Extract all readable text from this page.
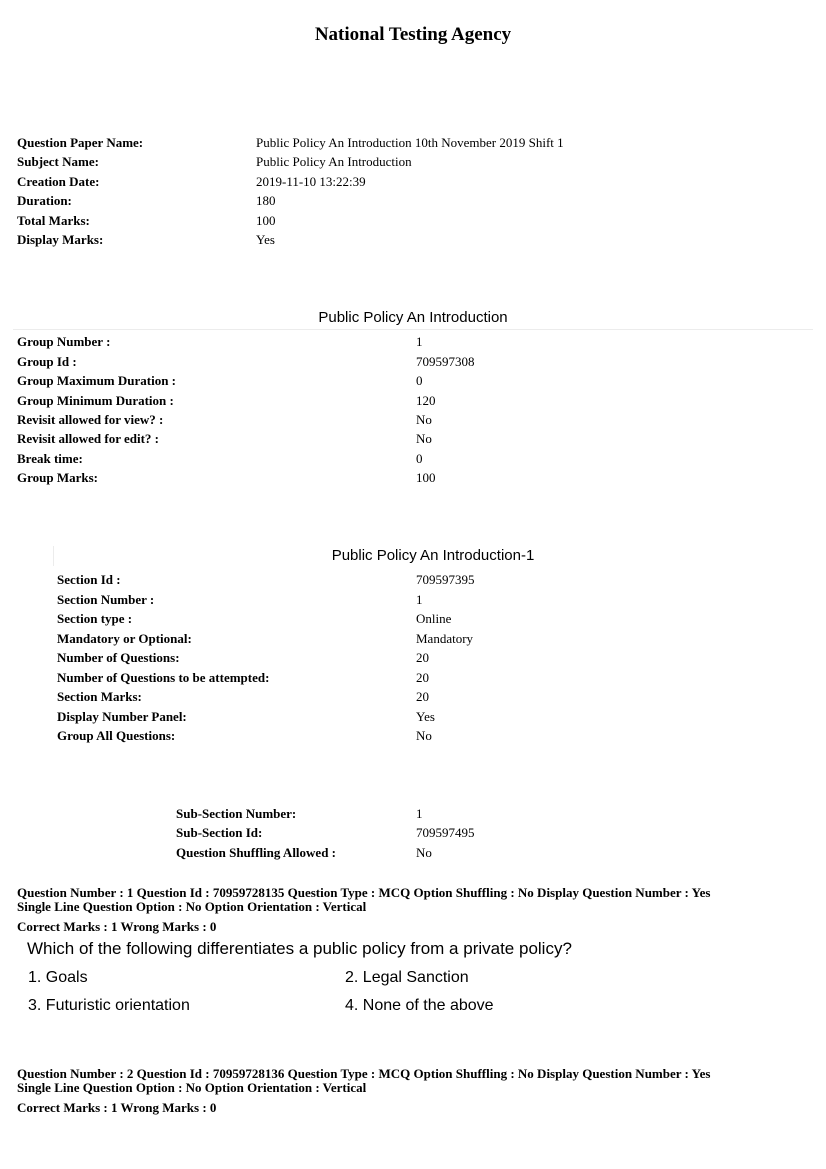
National Testing Agency
Question Paper Name:	Public Policy An Introduction 10th November 2019 Shift 1
Subject Name:	Public Policy An Introduction
Creation Date:	2019-11-10 13:22:39
Duration:	180
Total Marks:	100
Display Marks:	Yes
Public Policy An Introduction
Group Number :	1
Group Id :	709597308
Group Maximum Duration :	0
Group Minimum Duration :	120
Revisit allowed for view? :	No
Revisit allowed for edit? :	No
Break time:	0
Group Marks:	100
Public Policy An Introduction-1
Section Id :	709597395
Section Number :	1
Section type :	Online
Mandatory or Optional:	Mandatory
Number of Questions:	20
Number of Questions to be attempted:	20
Section Marks:	20
Display Number Panel:	Yes
Group All Questions:	No
Sub-Section Number:	1
Sub-Section Id:	709597495
Question Shuffling Allowed :	No
Question Number : 1 Question Id : 70959728135 Question Type : MCQ Option Shuffling : No Display Question Number : Yes
Single Line Question Option : No Option Orientation : Vertical
Correct Marks : 1 Wrong Marks : 0
Which of the following differentiates a public policy from a private policy?
1. Goals	2. Legal Sanction
3. Futuristic orientation	4. None of the above
Question Number : 2 Question Id : 70959728136 Question Type : MCQ Option Shuffling : No Display Question Number : Yes
Single Line Question Option : No Option Orientation : Vertical
Correct Marks : 1 Wrong Marks : 0
